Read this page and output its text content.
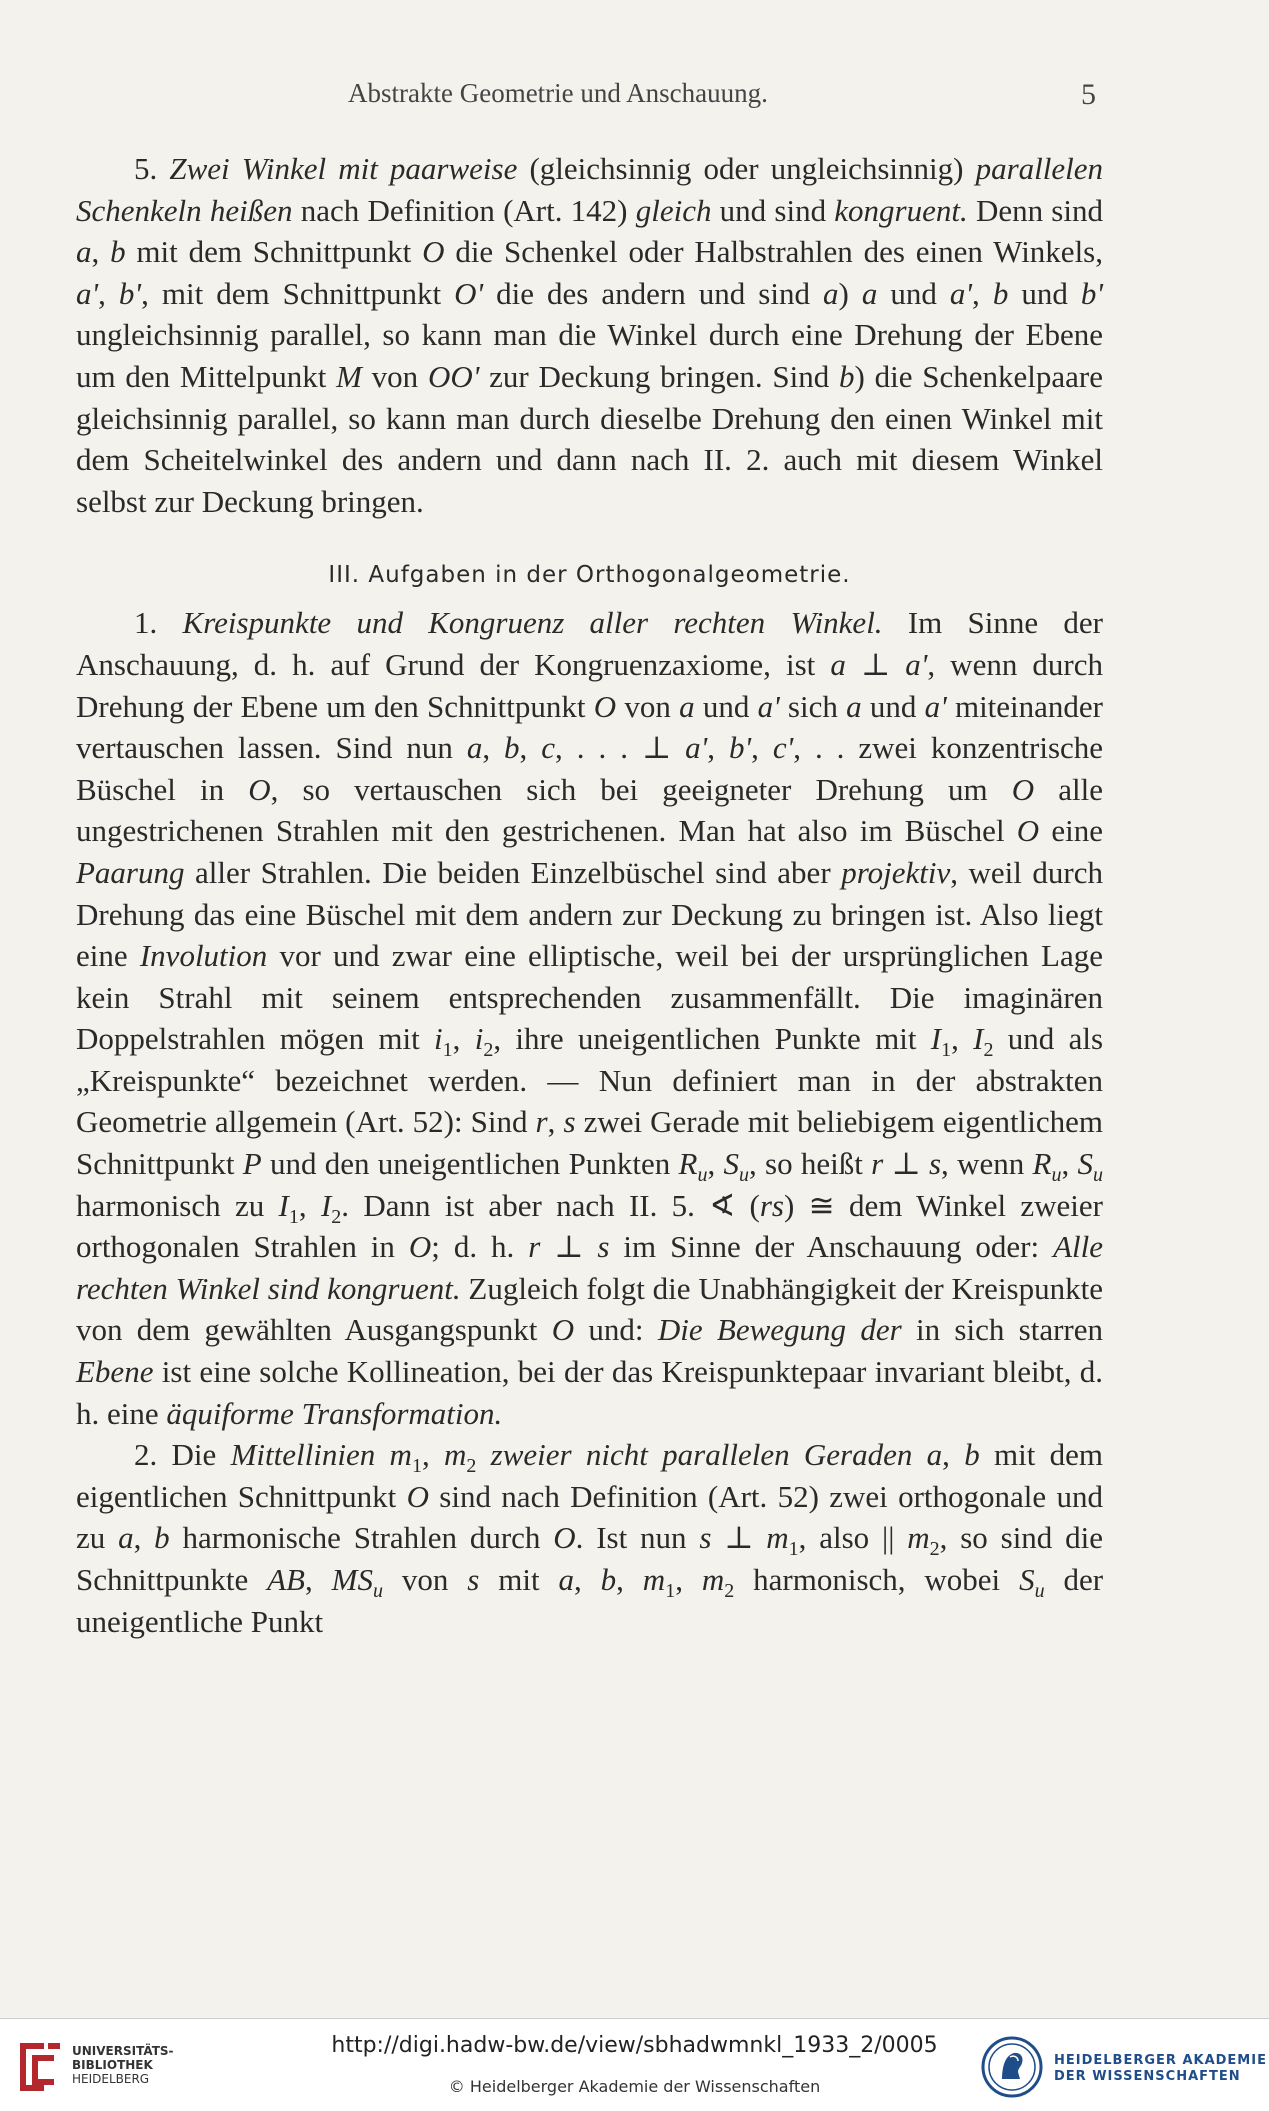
Abstrakte Geometrie und Anschauung.	5

5. Zwei Winkel mit paarweise (gleichsinnig oder ungleichsinnig) parallelen Schenkeln heißen nach Definition (Art. 142) gleich und sind kongruent. Denn sind a, b mit dem Schnittpunkt O die Schenkel oder Halbstrahlen des einen Winkels, a', b', mit dem Schnittpunkt O' die des andern und sind a) a und a', b und b' ungleichsinnig parallel, so kann man die Winkel durch eine Drehung der Ebene um den Mittelpunkt M von OO' zur Deckung bringen. Sind b) die Schenkelpaare gleichsinnig parallel, so kann man durch dieselbe Drehung den einen Winkel mit dem Scheitelwinkel des andern und dann nach II. 2. auch mit diesem Winkel selbst zur Deckung bringen.

III. Aufgaben in der Orthogonalgeometrie.

1. Kreispunkte und Kongruenz aller rechten Winkel. Im Sinne der Anschauung, d. h. auf Grund der Kongruenzaxiome, ist a ⊥ a', wenn durch Drehung der Ebene um den Schnittpunkt O von a und a' sich a und a' miteinander vertauschen lassen. Sind nun a, b, c, . . . ⊥ a', b', c', . . zwei konzentrische Büschel in O, so vertauschen sich bei geeigneter Drehung um O alle ungestrichenen Strahlen mit den gestrichenen. Man hat also im Büschel O eine Paarung aller Strahlen. Die beiden Einzelbüschel sind aber projektiv, weil durch Drehung das eine Büschel mit dem andern zur Deckung zu bringen ist. Also liegt eine Involution vor und zwar eine elliptische, weil bei der ursprünglichen Lage kein Strahl mit seinem entsprechenden zusammenfällt. Die imaginären Doppelstrahlen mögen mit $i_1$, $i_2$, ihre uneigentlichen Punkte mit $I_1$, $I_2$ und als „Kreispunkte“ bezeichnet werden. — Nun definiert man in der abstrakten Geometrie allgemein (Art. 52): Sind r, s zwei Gerade mit beliebigem eigentlichem Schnittpunkt P und den uneigentlichen Punkten $R_u$, $S_u$, so heißt r ⊥ s, wenn $R_u$, $S_u$ harmonisch zu $I_1$, $I_2$. Dann ist aber nach II. 5. ∢ (rs) ≅ dem Winkel zweier orthogonalen Strahlen in O; d. h. r ⊥ s im Sinne der Anschauung oder: Alle rechten Winkel sind kongruent. Zugleich folgt die Unabhängigkeit der Kreispunkte von dem gewählten Ausgangspunkt O und: Die Bewegung der in sich starren Ebene ist eine solche Kollineation, bei der das Kreispunktepaar invariant bleibt, d. h. eine äquiforme Transformation.

2. Die Mittellinien $m_1$, $m_2$ zweier nicht parallelen Geraden a, b mit dem eigentlichen Schnittpunkt O sind nach Definition (Art. 52) zwei orthogonale und zu a, b harmonische Strahlen durch O. Ist nun s ⊥ $m_1$, also || $m_2$, so sind die Schnittpunkte AB, $MS_u$ von s mit a, b, $m_1$, $m_2$ harmonisch, wobei $S_u$ der uneigentliche Punkt

UNIVERSITÄTS-
BIBLIOTHEK
HEIDELBERG
http://digi.hadw-bw.de/view/sbhadwmnkl_1933_2/0005
© Heidelberger Akademie der Wissenschaften
HEIDELBERGER AKADEMIE
DER WISSENSCHAFTEN
